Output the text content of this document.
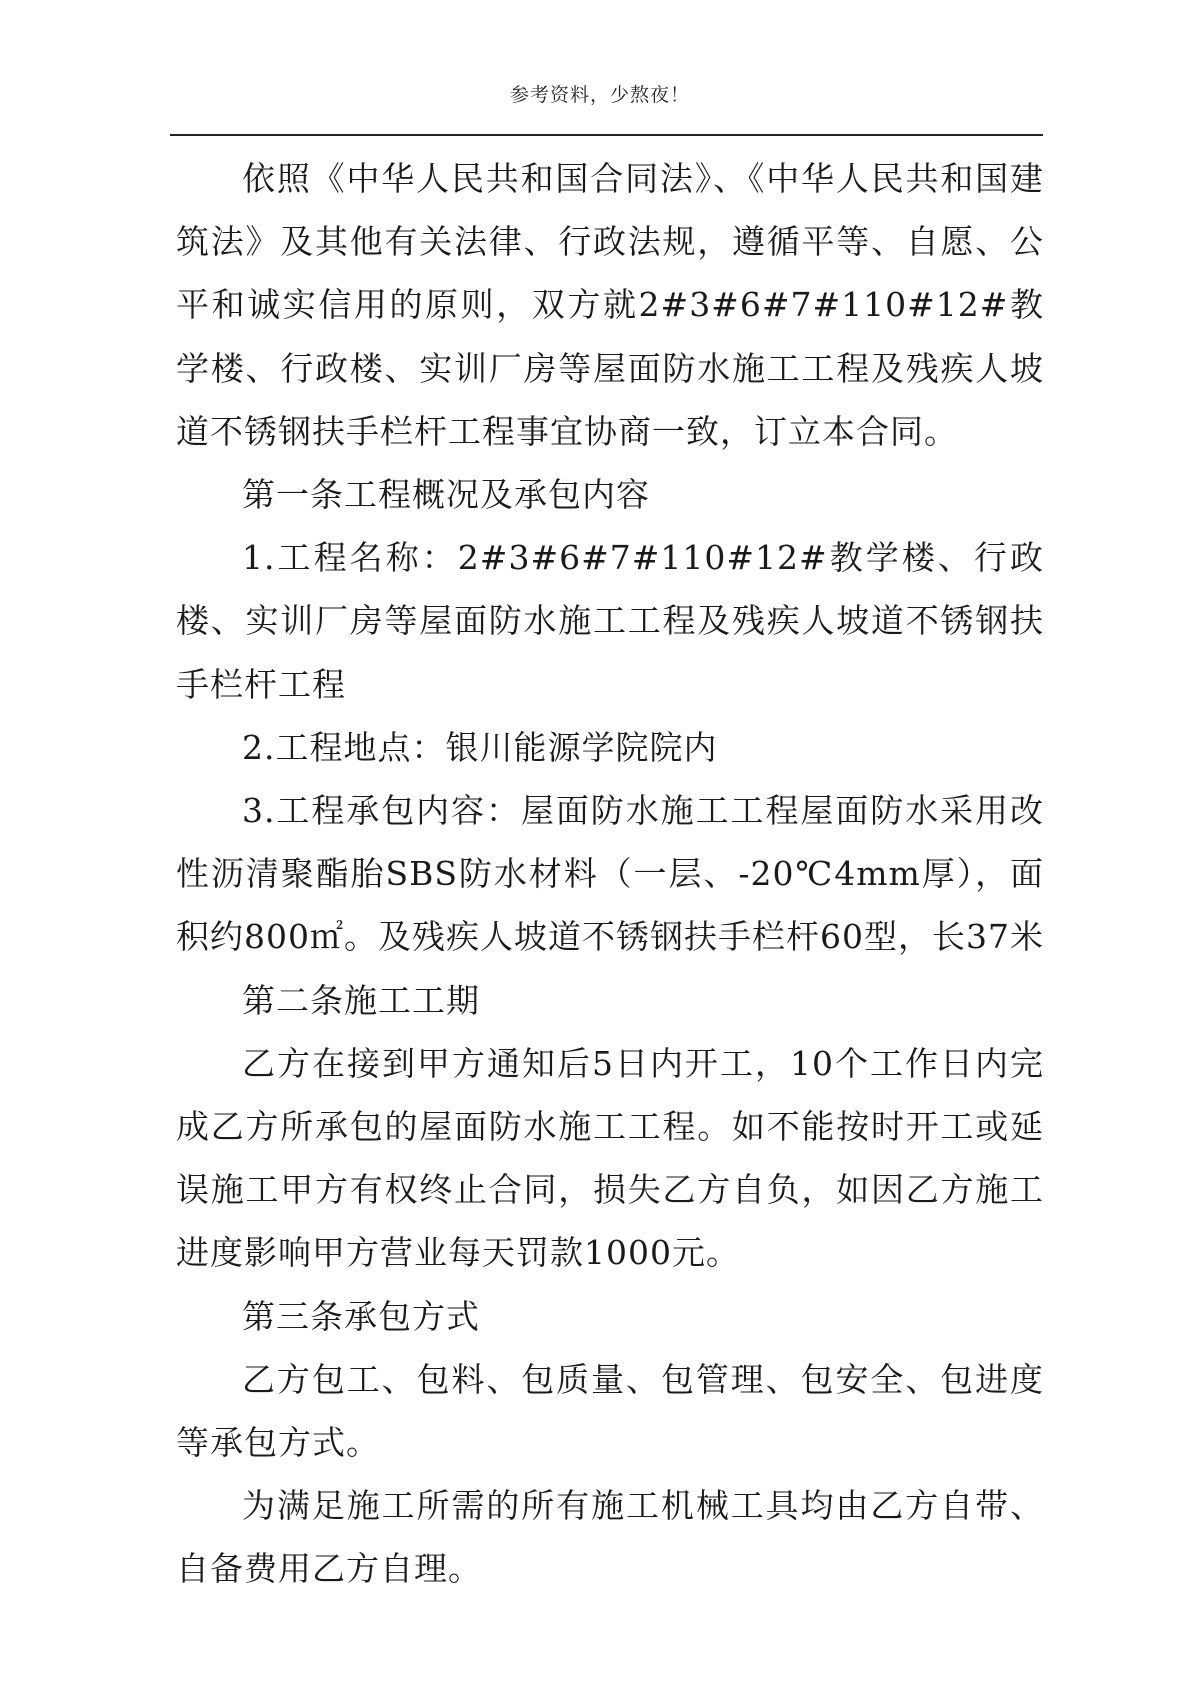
参考资料，少熬夜！

依照《中华人民共和国合同法》、《中华人民共和国建筑法》及其他有关法律、行政法规，遵循平等、自愿、公平和诚实信用的原则，双方就2#3#6#7#110#12#教学楼、行政楼、实训厂房等屋面防水施工工程及残疾人坡道不锈钢扶手栏杆工程事宜协商一致，订立本合同。

第一条工程概况及承包内容

1.工程名称：2#3#6#7#110#12#教学楼、行政楼、实训厂房等屋面防水施工工程及残疾人坡道不锈钢扶手栏杆工程

2.工程地点：银川能源学院院内

3.工程承包内容：屋面防水施工工程屋面防水采用改性沥清聚酯胎SBS防水材料（一层、-20℃4mm厚），面积约800㎡。及残疾人坡道不锈钢扶手栏杆60型，长37米

第二条施工工期

乙方在接到甲方通知后5日内开工，10个工作日内完成乙方所承包的屋面防水施工工程。如不能按时开工或延误施工甲方有权终止合同，损失乙方自负，如因乙方施工进度影响甲方营业每天罚款1000元。

第三条承包方式

乙方包工、包料、包质量、包管理、包安全、包进度等承包方式。

为满足施工所需的所有施工机械工具均由乙方自带、自备费用乙方自理。
